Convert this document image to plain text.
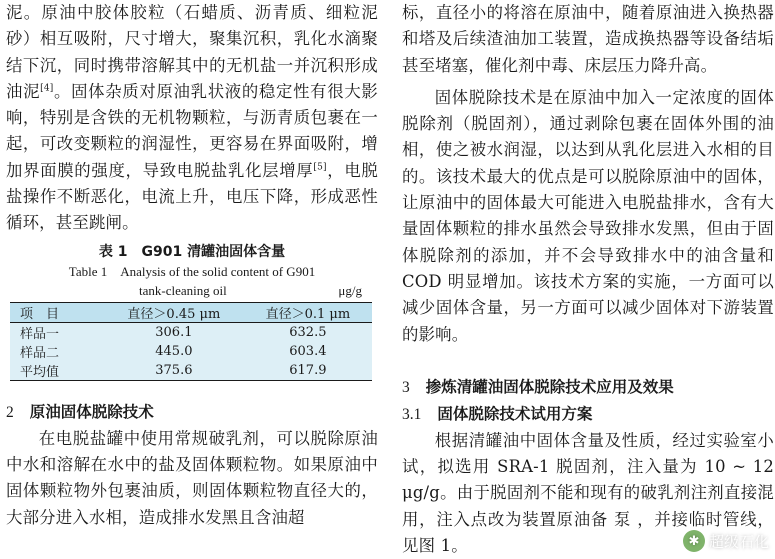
泥。原油中胶体胶粒（石蜡质、沥青质、细粒泥砂）相互吸附，尺寸增大，聚集沉积，乳化水滴聚结下沉，同时携带溶解其中的无机盐一并沉积形成油泥[4]。固体杂质对原油乳状液的稳定性有很大影响，特别是含铁的无机物颗粒，与沥青质包裹在一起，可改变颗粒的润湿性，更容易在界面吸附，增加界面膜的强度，导致电脱盐乳化层增厚[5]，电脱盐操作不断恶化，电流上升，电压下降，形成恶性循环，甚至跳闸。

表 1　G901 清罐油固体含量
Table 1　Analysis of the solid content of G901
tank-cleaning oil	μg/g
项　目	直径＞0.45 μm	直径＞0.1 μm
样品一	306.1	632.5
样品二	445.0	603.4
平均值	375.6	617.9
2 原油固体脱除技术

在电脱盐罐中使用常规破乳剂，可以脱除原油中水和溶解在水中的盐及固体颗粒物。如果原油中固体颗粒物外包裹油质，则固体颗粒物直径大的，大部分进入水相，造成排水发黑且含油超

标，直径小的将溶在原油中，随着原油进入换热器和塔及后续渣油加工装置，造成换热器等设备结垢甚至堵塞，催化剂中毒、床层压力降升高。

固体脱除技术是在原油中加入一定浓度的固体脱除剂（脱固剂），通过剥除包裹在固体外围的油相，使之被水润湿，以达到从乳化层进入水相的目的。该技术最大的优点是可以脱除原油中的固体，让原油中的固体最大可能进入电脱盐排水，含有大量固体颗粒的排水虽然会导致排水发黑，但由于固体脱除剂的添加，并不会导致排水中的油含量和 COD 明显增加。该技术方案的实施，一方面可以减少固体含量，另一方面可以减少固体对下游装置的影响。

3 掺炼清罐油固体脱除技术应用及效果
3.1 固体脱除技术试用方案

根据清罐油中固体含量及性质，经过实验室小试，拟选用 SRA-1 脱固剂，注入量为 10 ~ 12 μg/g。由于脱固剂不能和现有的破乳剂注剂直接混用，注入点改为装置原油备 泵 ，并接临时管线，见图 1。	✱ 超级石化
